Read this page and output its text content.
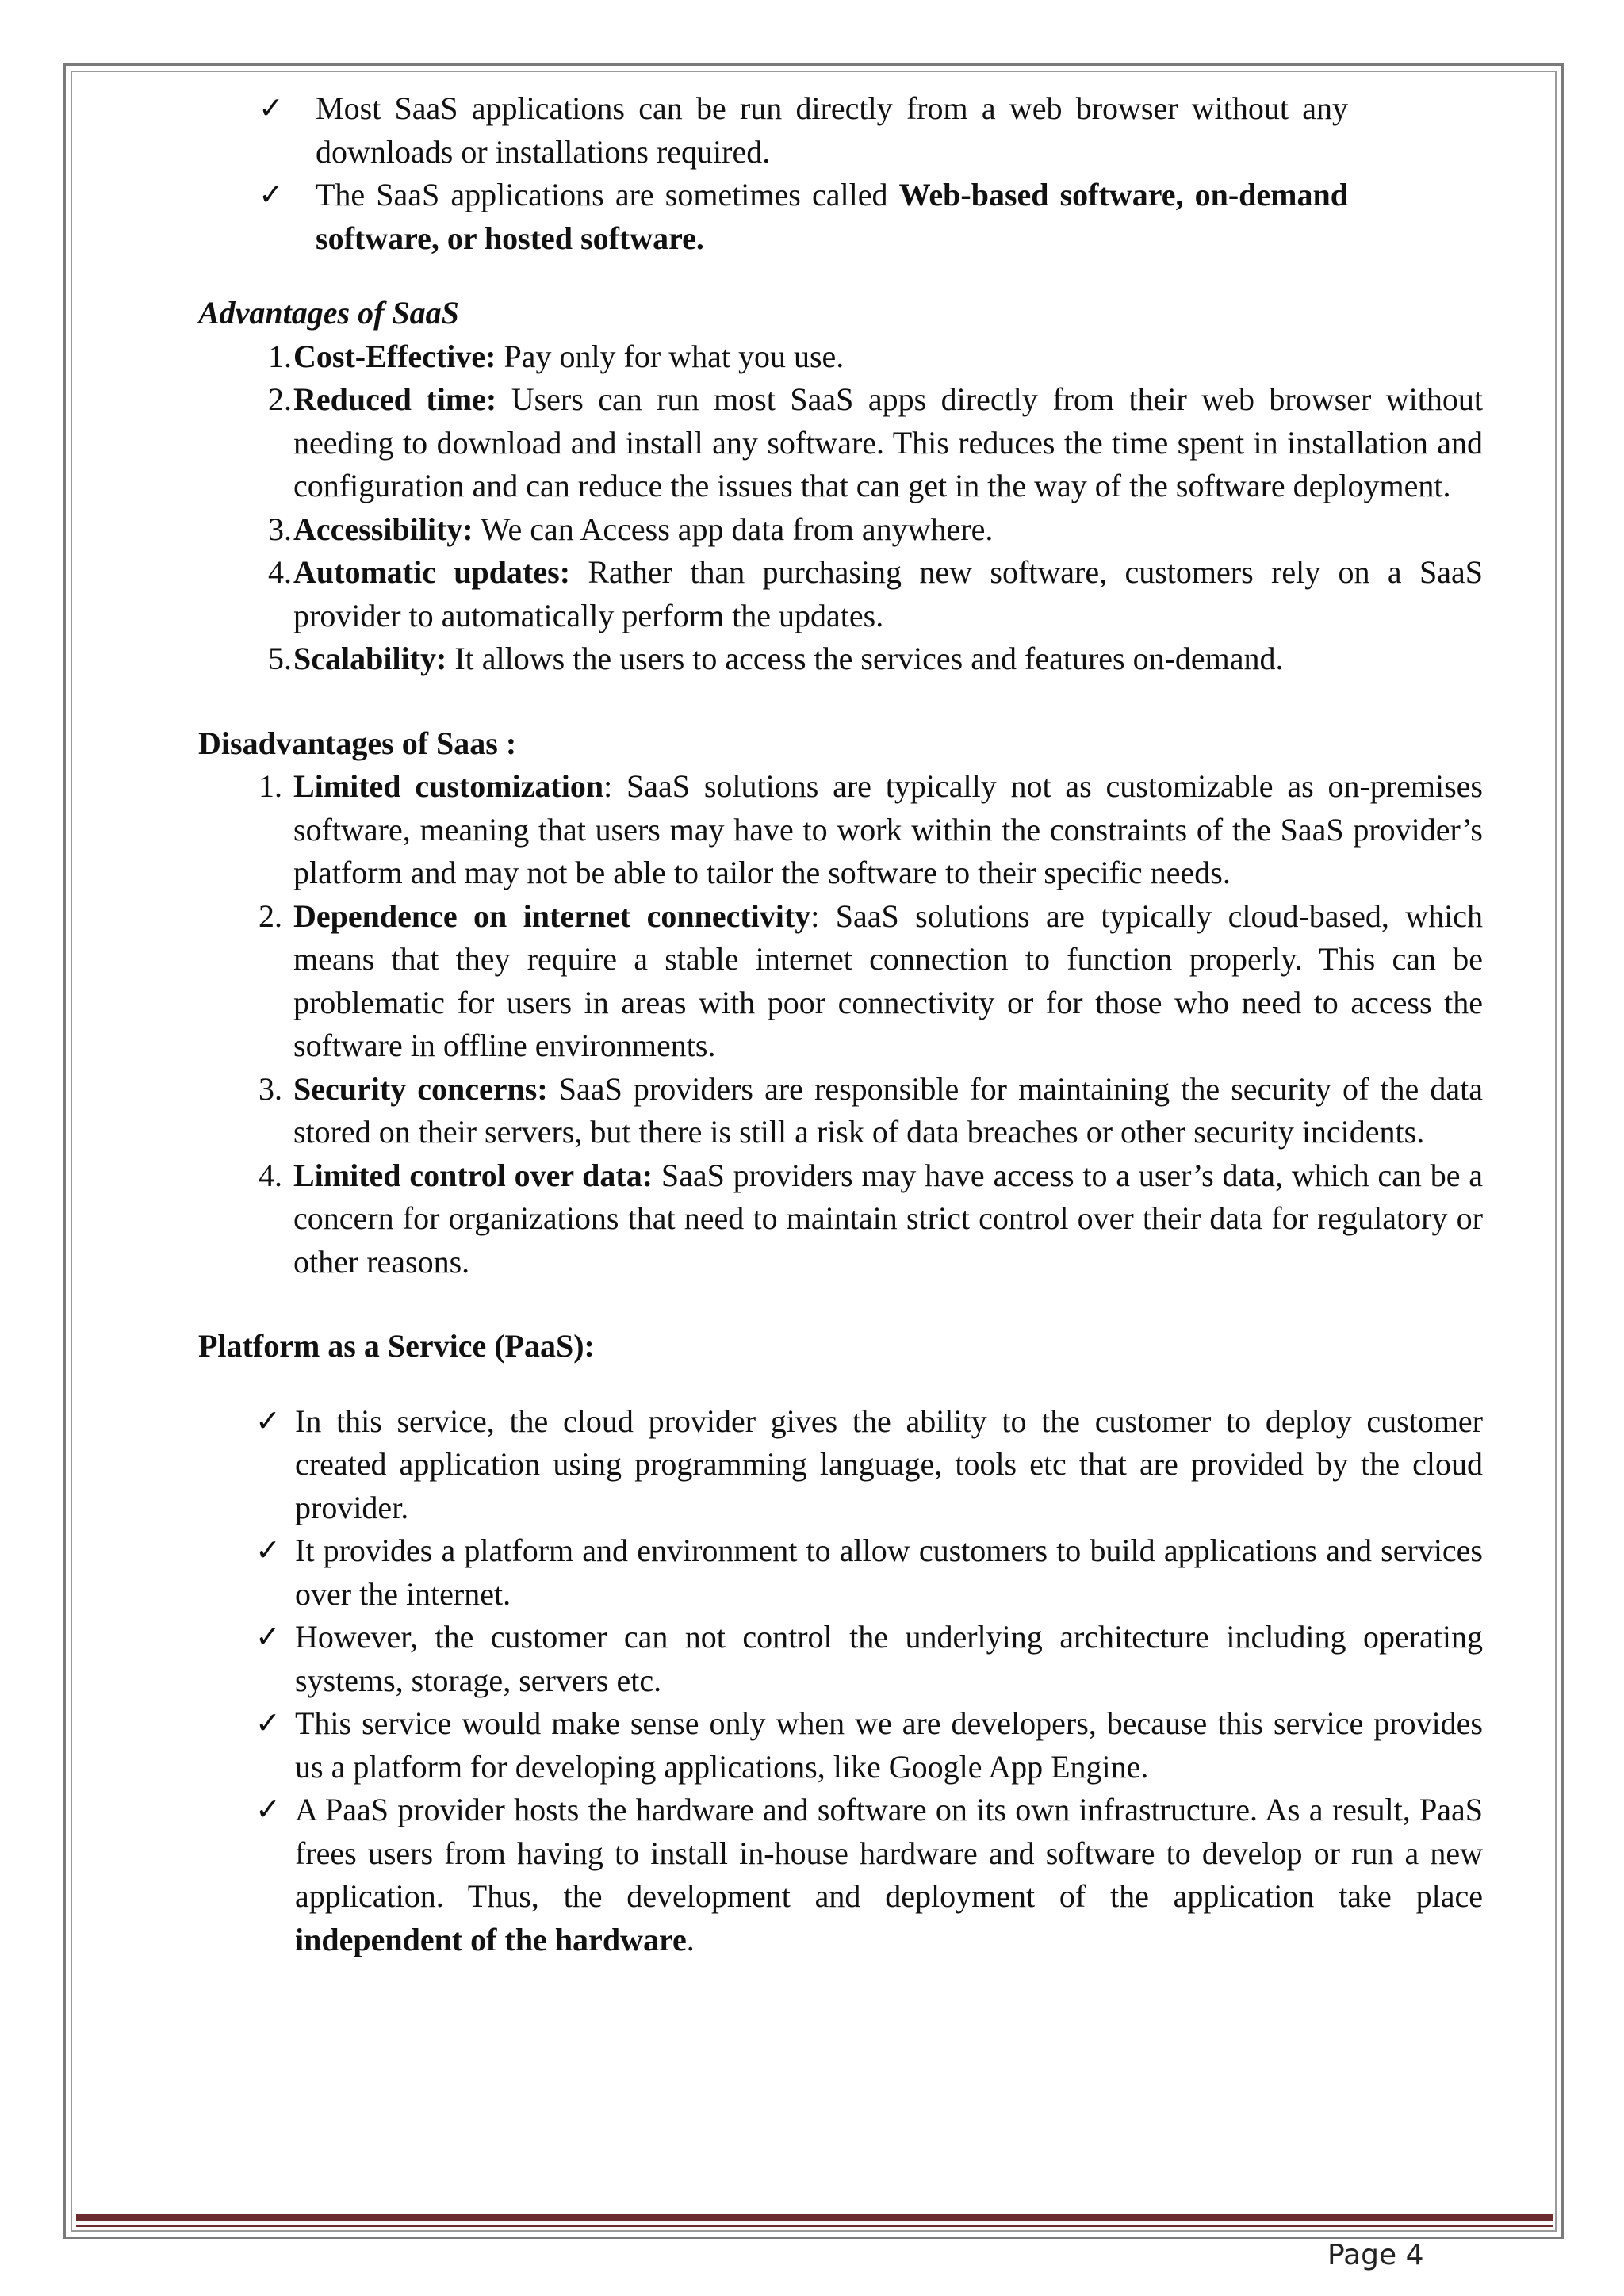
✓	Most SaaS applications can be run directly from a web browser without any downloads or installations required.

✓	The SaaS applications are sometimes called Web-based software, on-demand software, or hosted software.

Advantages of SaaS

1. Cost-Effective: Pay only for what you use.

2. Reduced time: Users can run most SaaS apps directly from their web browser without needing to download and install any software. This reduces the time spent in installation and configuration and can reduce the issues that can get in the way of the software deployment.

3. Accessibility: We can Access app data from anywhere.

4. Automatic updates: Rather than purchasing new software, customers rely on a SaaS provider to automatically perform the updates.

5. Scalability: It allows the users to access the services and features on-demand.

Disadvantages of Saas :

1. Limited customization: SaaS solutions are typically not as customizable as on-premises software, meaning that users may have to work within the constraints of the SaaS provider’s platform and may not be able to tailor the software to their specific needs.

2. Dependence on internet connectivity: SaaS solutions are typically cloud-based, which means that they require a stable internet connection to function properly. This can be problematic for users in areas with poor connectivity or for those who need to access the software in offline environments.

3. Security concerns: SaaS providers are responsible for maintaining the security of the data stored on their servers, but there is still a risk of data breaches or other security incidents.

4. Limited control over data: SaaS providers may have access to a user’s data, which can be a concern for organizations that need to maintain strict control over their data for regulatory or other reasons.

Platform as a Service (PaaS):

✓ In this service, the cloud provider gives the ability to the customer to deploy customer created application using programming language, tools etc that are provided by the cloud provider.

✓ It provides a platform and environment to allow customers to build applications and services over the internet.

✓ However, the customer can not control the underlying architecture including operating systems, storage, servers etc.

✓ This service would make sense only when we are developers, because this service provides us a platform for developing applications, like Google App Engine.

✓ A PaaS provider hosts the hardware and software on its own infrastructure. As a result, PaaS frees users from having to install in-house hardware and software to develop or run a new application. Thus, the development and deployment of the application take place independent of the hardware.

Page 4
